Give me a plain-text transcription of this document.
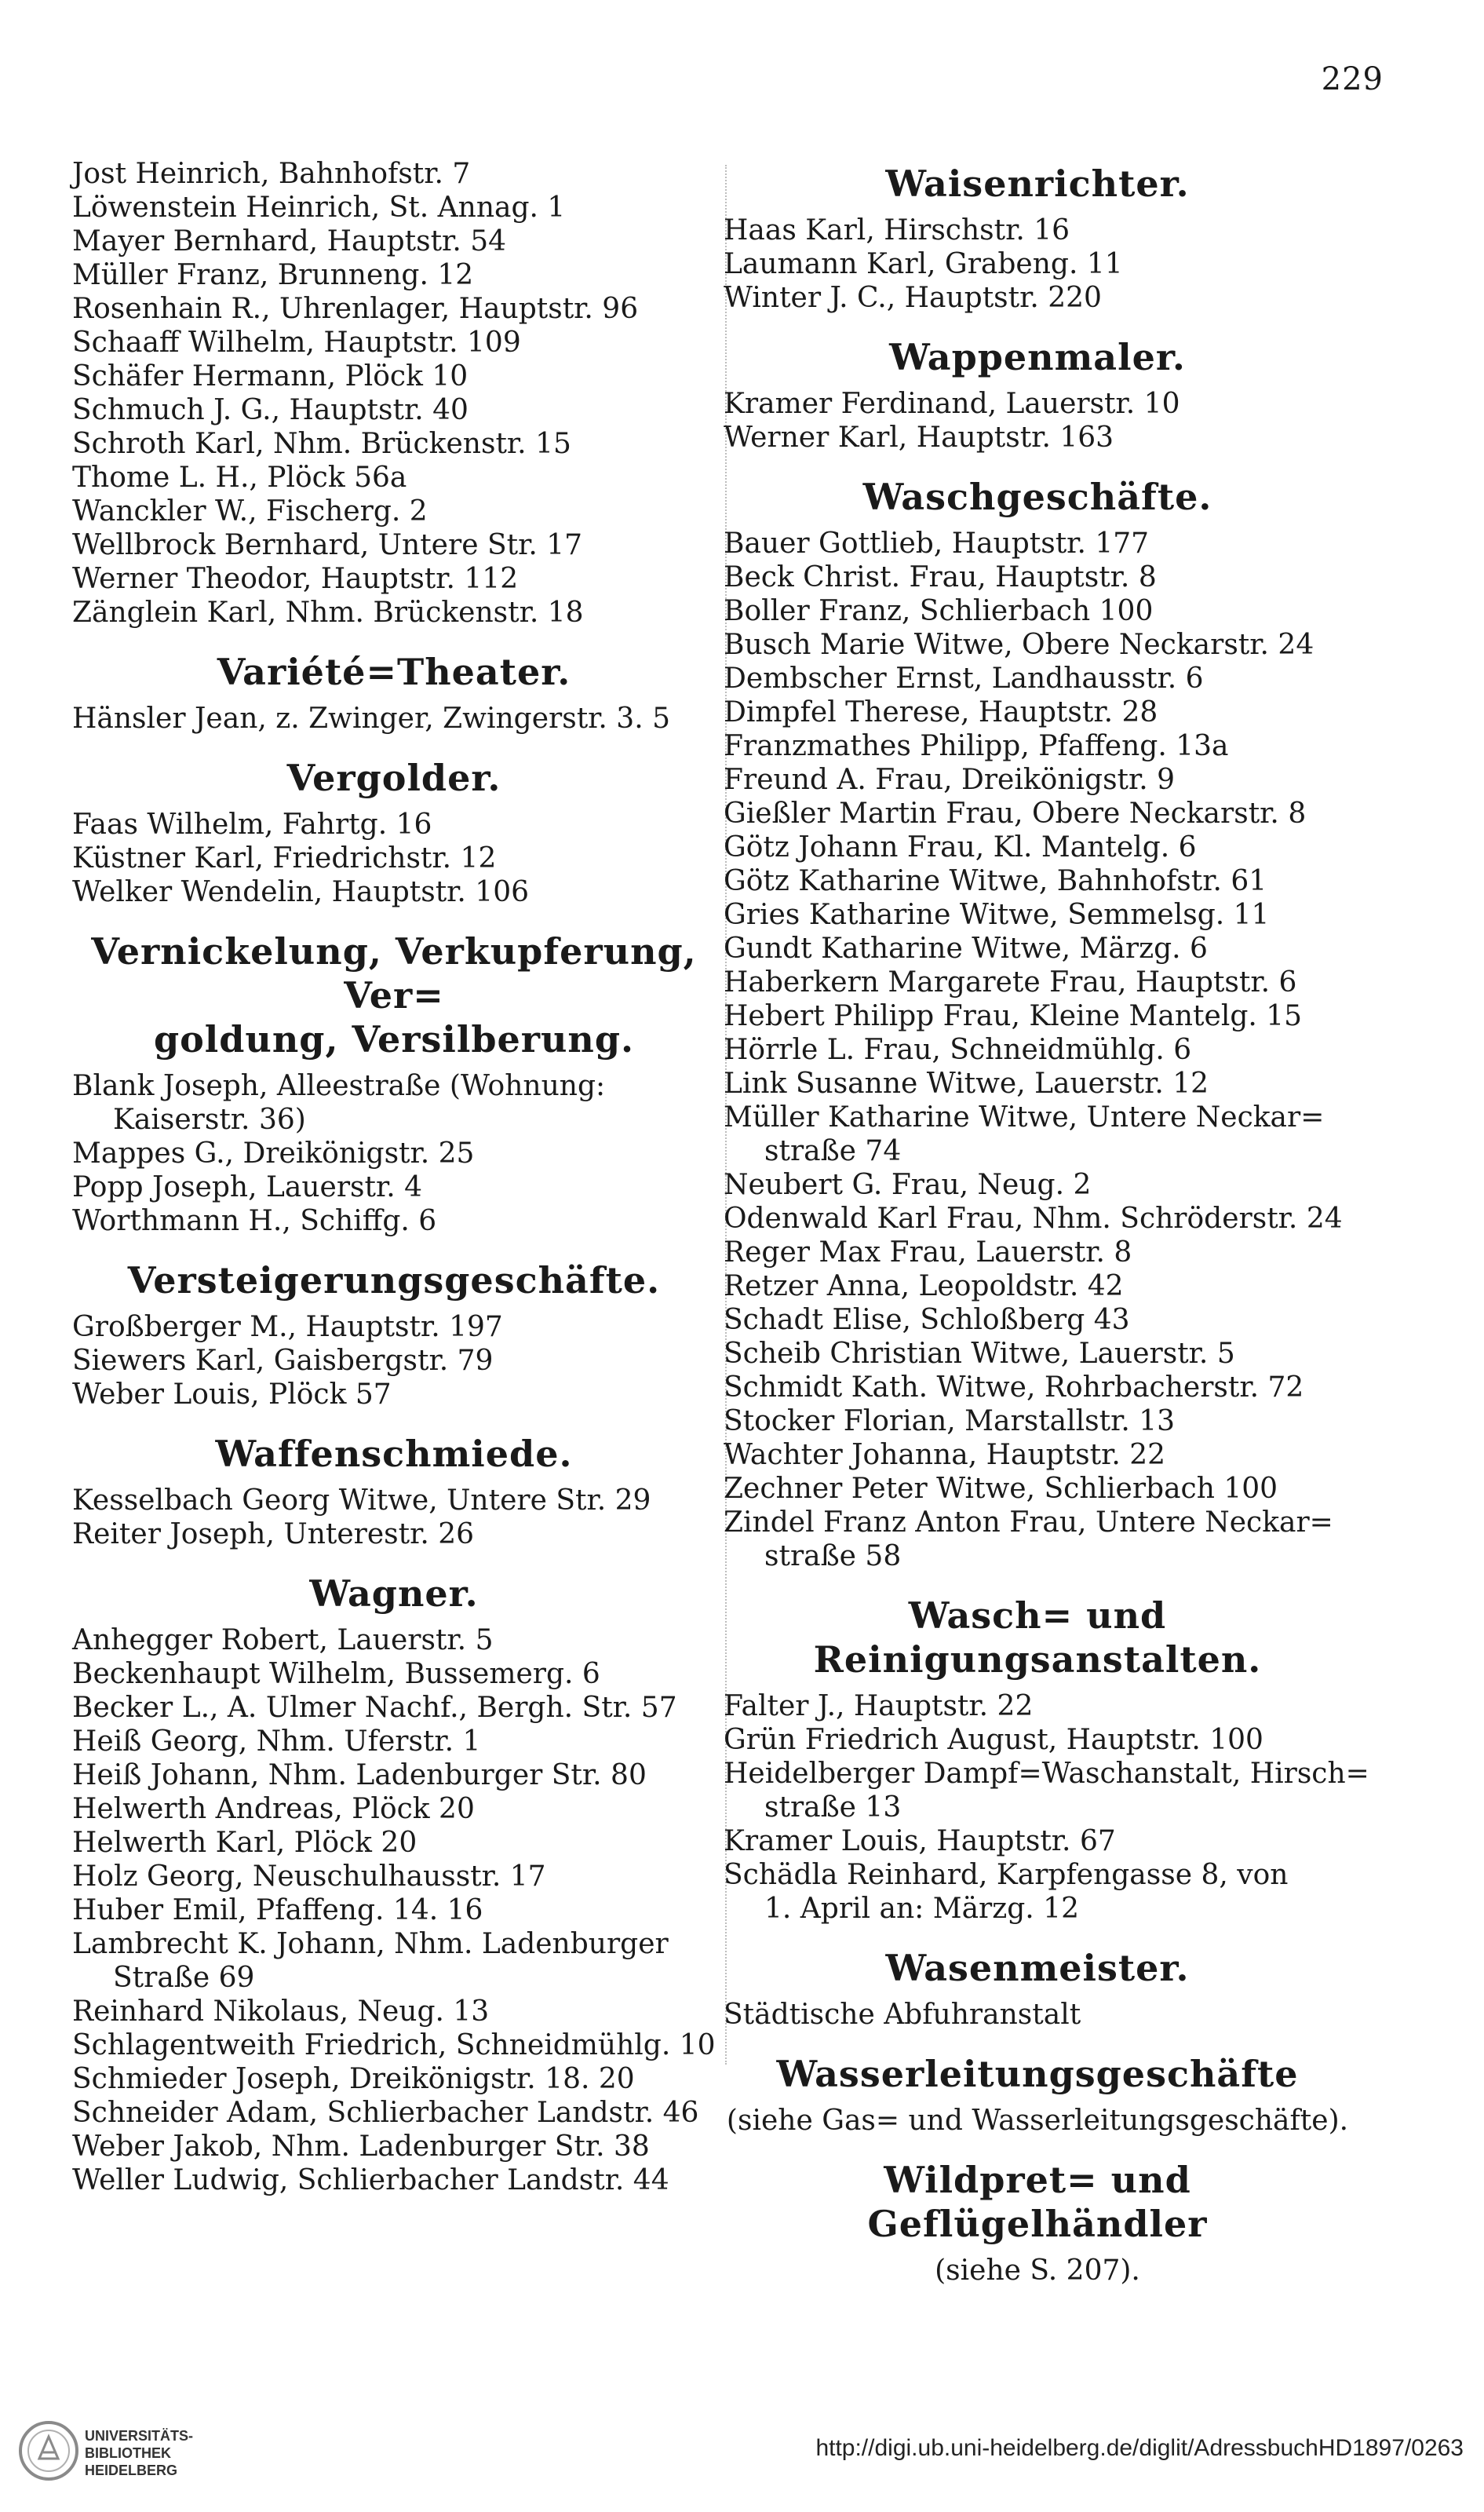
229
Jost Heinrich, Bahnhofstr. 7
Löwenstein Heinrich, St. Annag. 1
Mayer Bernhard, Hauptstr. 54
Müller Franz, Brunneng. 12
Rosenhain R., Uhrenlager, Hauptstr. 96
Schaaff Wilhelm, Hauptstr. 109
Schäfer Hermann, Plöck 10
Schmuch J. G., Hauptstr. 40
Schroth Karl, Nhm. Brückenstr. 15
Thome L. H., Plöck 56a
Wanckler W., Fischerg. 2
Wellbrock Bernhard, Untere Str. 17
Werner Theodor, Hauptstr. 112
Zänglein Karl, Nhm. Brückenstr. 18
Variété=Theater.
Hänsler Jean, z. Zwinger, Zwingerstr. 3. 5
Vergolder.
Faas Wilhelm, Fahrtg. 16
Küstner Karl, Friedrichstr. 12
Welker Wendelin, Hauptstr. 106
Vernickelung, Verkupferung, Ver=
goldung, Versilberung.
Blank Joseph, Alleestraße (Wohnung:
Kaiserstr. 36)
Mappes G., Dreikönigstr. 25
Popp Joseph, Lauerstr. 4
Worthmann H., Schiffg. 6
Versteigerungsgeschäfte.
Großberger M., Hauptstr. 197
Siewers Karl, Gaisbergstr. 79
Weber Louis, Plöck 57
Waffenschmiede.
Kesselbach Georg Witwe, Untere Str. 29
Reiter Joseph, Unterestr. 26
Wagner.
Anhegger Robert, Lauerstr. 5
Beckenhaupt Wilhelm, Bussemerg. 6
Becker L., A. Ulmer Nachf., Bergh. Str. 57
Heiß Georg, Nhm. Uferstr. 1
Heiß Johann, Nhm. Ladenburger Str. 80
Helwerth Andreas, Plöck 20
Helwerth Karl, Plöck 20
Holz Georg, Neuschulhausstr. 17
Huber Emil, Pfaffeng. 14. 16
Lambrecht K. Johann, Nhm. Ladenburger
Straße 69
Reinhard Nikolaus, Neug. 13
Schlagentweith Friedrich, Schneidmühlg. 10
Schmieder Joseph, Dreikönigstr. 18. 20
Schneider Adam, Schlierbacher Landstr. 46
Weber Jakob, Nhm. Ladenburger Str. 38
Weller Ludwig, Schlierbacher Landstr. 44
Waisenrichter.
Haas Karl, Hirschstr. 16
Laumann Karl, Grabeng. 11
Winter J. C., Hauptstr. 220
Wappenmaler.
Kramer Ferdinand, Lauerstr. 10
Werner Karl, Hauptstr. 163
Waschgeschäfte.
Bauer Gottlieb, Hauptstr. 177
Beck Christ. Frau, Hauptstr. 8
Boller Franz, Schlierbach 100
Busch Marie Witwe, Obere Neckarstr. 24
Dembscher Ernst, Landhausstr. 6
Dimpfel Therese, Hauptstr. 28
Franzmathes Philipp, Pfaffeng. 13a
Freund A. Frau, Dreikönigstr. 9
Gießler Martin Frau, Obere Neckarstr. 8
Götz Johann Frau, Kl. Mantelg. 6
Götz Katharine Witwe, Bahnhofstr. 61
Gries Katharine Witwe, Semmelsg. 11
Gundt Katharine Witwe, Märzg. 6
Haberkern Margarete Frau, Hauptstr. 6
Hebert Philipp Frau, Kleine Mantelg. 15
Hörrle L. Frau, Schneidmühlg. 6
Link Susanne Witwe, Lauerstr. 12
Müller Katharine Witwe, Untere Neckar=
straße 74
Neubert G. Frau, Neug. 2
Odenwald Karl Frau, Nhm. Schröderstr. 24
Reger Max Frau, Lauerstr. 8
Retzer Anna, Leopoldstr. 42
Schadt Elise, Schloßberg 43
Scheib Christian Witwe, Lauerstr. 5
Schmidt Kath. Witwe, Rohrbacherstr. 72
Stocker Florian, Marstallstr. 13
Wachter Johanna, Hauptstr. 22
Zechner Peter Witwe, Schlierbach 100
Zindel Franz Anton Frau, Untere Neckar=
straße 58
Wasch= und Reinigungsanstalten.
Falter J., Hauptstr. 22
Grün Friedrich August, Hauptstr. 100
Heidelberger Dampf=Waschanstalt, Hirsch=
straße 13
Kramer Louis, Hauptstr. 67
Schädla Reinhard, Karpfengasse 8, von
1. April an: Märzg. 12
Wasenmeister.
Städtische Abfuhranstalt
Wasserleitungsgeschäfte
(siehe Gas= und Wasserleitungsgeschäfte).
Wildpret= und Geflügelhändler
(siehe S. 207).
UNIVERSITÄTS-
BIBLIOTHEK
HEIDELBERG
http://digi.ub.uni-heidelberg.de/diglit/AdressbuchHD1897/0263
